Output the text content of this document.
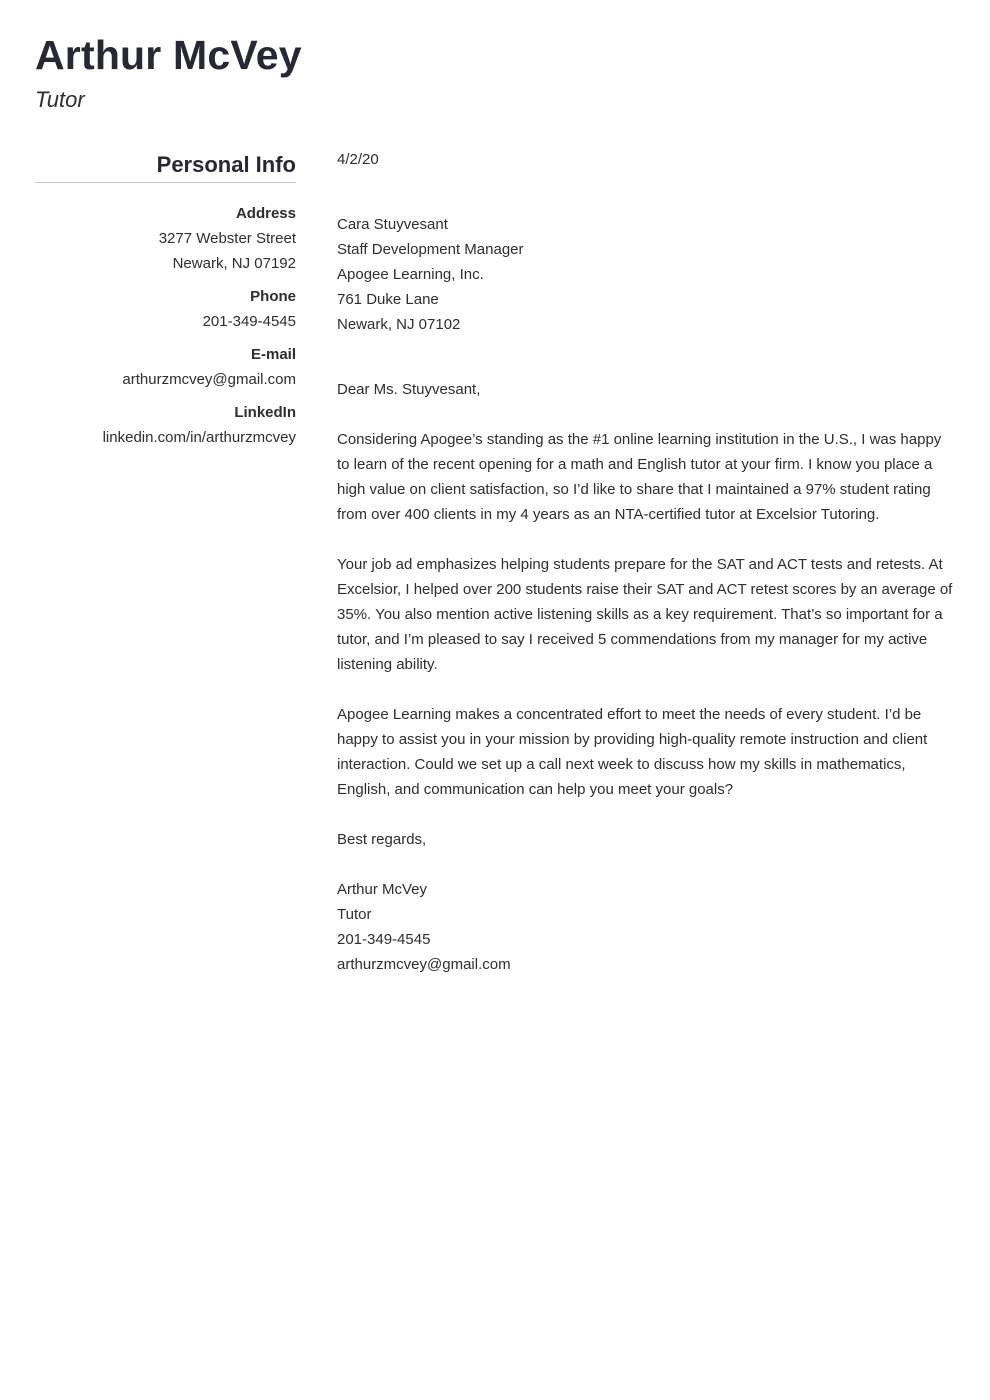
Arthur McVey
Tutor
Personal Info
Address
3277 Webster Street
Newark, NJ 07192
Phone
201-349-4545
E-mail
arthurzmcvey@gmail.com
LinkedIn
linkedin.com/in/arthurzmcvey

4/2/20

Cara Stuyvesant

Staff Development Manager

Apogee Learning, Inc.

761 Duke Lane

Newark, NJ 07102

Dear Ms. Stuyvesant,

Considering Apogee’s standing as the #1 online learning institution in the U.S., I was happy to learn of the recent opening for a math and English tutor at your firm. I know you place a high value on client satisfaction, so I’d like to share that I maintained a 97% student rating from over 400 clients in my 4 years as an NTA-certified tutor at Excelsior Tutoring.

Your job ad emphasizes helping students prepare for the SAT and ACT tests and retests. At Excelsior, I helped over 200 students raise their SAT and ACT retest scores by an average of 35%. You also mention active listening skills as a key requirement. That’s so important for a tutor, and I’m pleased to say I received 5 commendations from my manager for my active listening ability.

Apogee Learning makes a concentrated effort to meet the needs of every student. I’d be happy to assist you in your mission by providing high-quality remote instruction and client interaction. Could we set up a call next week to discuss how my skills in mathematics, English, and communication can help you meet your goals?

Best regards,

Arthur McVey

Tutor

201-349-4545

arthurzmcvey@gmail.com
